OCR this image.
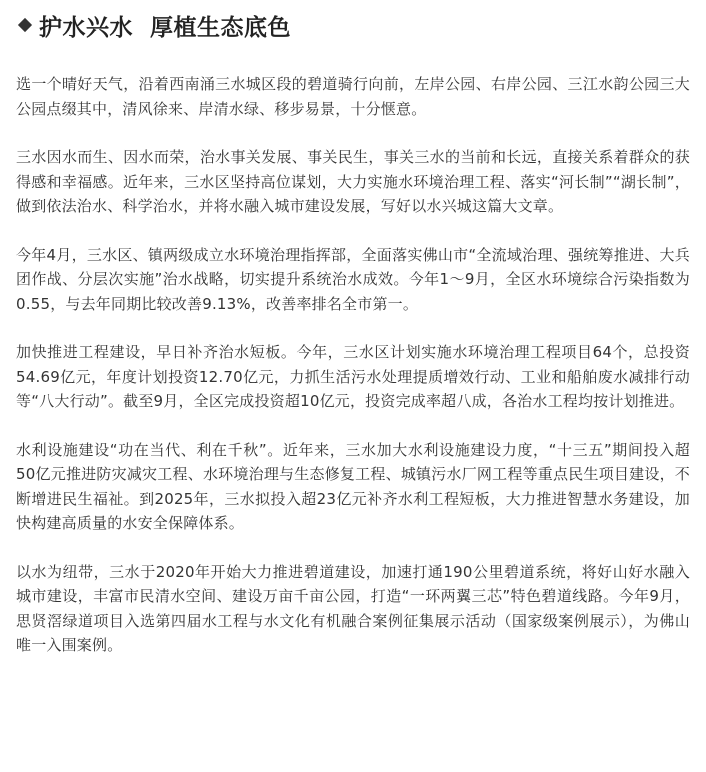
护水兴水  厚植生态底色

选一个晴好天气，沿着西南涌三水城区段的碧道骑行向前，左岸公园、右岸公园、三江水韵公园三大公园点缀其中，清风徐来、岸清水绿、移步易景，十分惬意。

三水因水而生、因水而荣，治水事关发展、事关民生，事关三水的当前和长远，直接关系着群众的获得感和幸福感。近年来，三水区坚持高位谋划，大力实施水环境治理工程、落实“河长制”“湖长制”，做到依法治水、科学治水，并将水融入城市建设发展，写好以水兴城这篇大文章。

今年4月，三水区、镇两级成立水环境治理指挥部，全面落实佛山市“全流域治理、强统筹推进、大兵团作战、分层次实施”治水战略，切实提升系统治水成效。今年1～9月，全区水环境综合污染指数为0.55，与去年同期比较改善9.13%，改善率排名全市第一。

加快推进工程建设，早日补齐治水短板。今年，三水区计划实施水环境治理工程项目64个，总投资54.69亿元，年度计划投资12.70亿元，力抓生活污水处理提质增效行动、工业和船舶废水减排行动等“八大行动”。截至9月，全区完成投资超10亿元，投资完成率超八成，各治水工程均按计划推进。

水利设施建设“功在当代、利在千秋”。近年来，三水加大水利设施建设力度，“十三五”期间投入超50亿元推进防灾减灾工程、水环境治理与生态修复工程、城镇污水厂网工程等重点民生项目建设，不断增进民生福祉。到2025年，三水拟投入超23亿元补齐水利工程短板，大力推进智慧水务建设，加快构建高质量的水安全保障体系。

以水为纽带，三水于2020年开始大力推进碧道建设，加速打通190公里碧道系统，将好山好水融入城市建设，丰富市民清水空间、建设万亩千亩公园，打造“一环两翼三芯”特色碧道线路。今年9月，思贤滘绿道项目入选第四届水工程与水文化有机融合案例征集展示活动（国家级案例展示），为佛山唯一入围案例。
